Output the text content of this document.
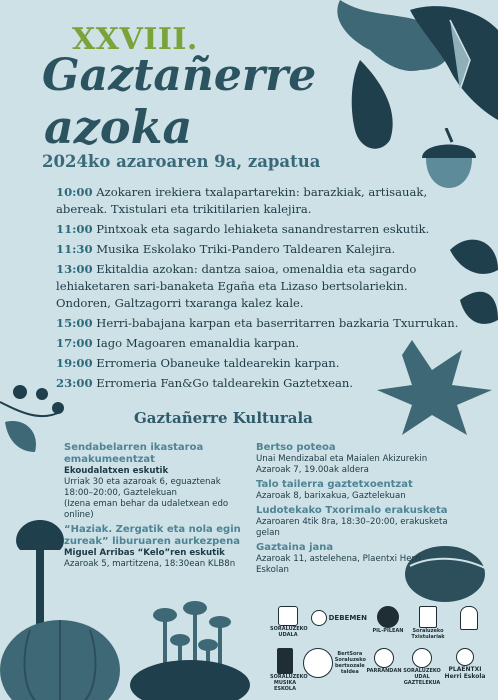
XXVIII.
Gaztañerre
azoka
2024ko azaroaren 9a, zapatua
10:00 Azokaren irekiera txalapartarekin: barazkiak, artisauak, abereak. Txistulari eta trikitilarien kalejira.
11:00 Pintxoak eta sagardo lehiaketa sanandrestarren eskutik.
11:30 Musika Eskolako Triki-Pandero Taldearen Kalejira.
13:00 Ekitaldia azokan: dantza saioa, omenaldia eta sagardo lehiaketaren sari-banaketa Egaña eta Lizaso bertsolariekin. Ondoren, Galtzagorri txaranga kalez kale.
15:00 Herri-babajana karpan eta baserritarren bazkaria Txurrukan.
17:00 Iago Magoaren emanaldia karpan.
19:00 Erromeria Obaneuke taldearekin karpan.
23:00 Erromeria Fan&Go taldearekin Gaztetxean.
Gaztañerre Kulturala
Sendabelarren ikastaroa emakumeentzat
Ekoudalatxen eskutik
Urriak 30 eta azaroak 6, eguaztenak 18:00–20:00, Gaztelekuan
(Izena eman behar da udaletxean edo online)
“Haziak. Zergatik eta nola egin zureak” liburuaren aurkezpena
Miguel Arribas “Kelo”ren eskutik
Azaroak 5, martitzena, 18:30ean KLB8n
Bertso poteoa
Unai Mendizabal eta Maialen Akizurekin
Azaroak 7, 19.00ak aldera
Talo tailerra gaztetxoentzat
Azaroak 8, barixakua, Gaztelekuan
Ludotekako Txorimalo erakusketa
Azaroaren 4tik 8ra, 18:30–20:00, erakusketa gelan
Gaztaina jana
Azaroak 11, astelehena, Plaentxi Herri Eskolan
SORALUZEKO UDALA
DEBEMEN
PIL-PILEAN	Soraluzeko Txistulariak
SORALUZEKO MUSIKA ESKOLA
BertSora Soraluzeko bertsozale taldea	PARRANDAN SORALUZEKO UDAL GAZTELEKUA
PLAENTXI Herri Eskola
